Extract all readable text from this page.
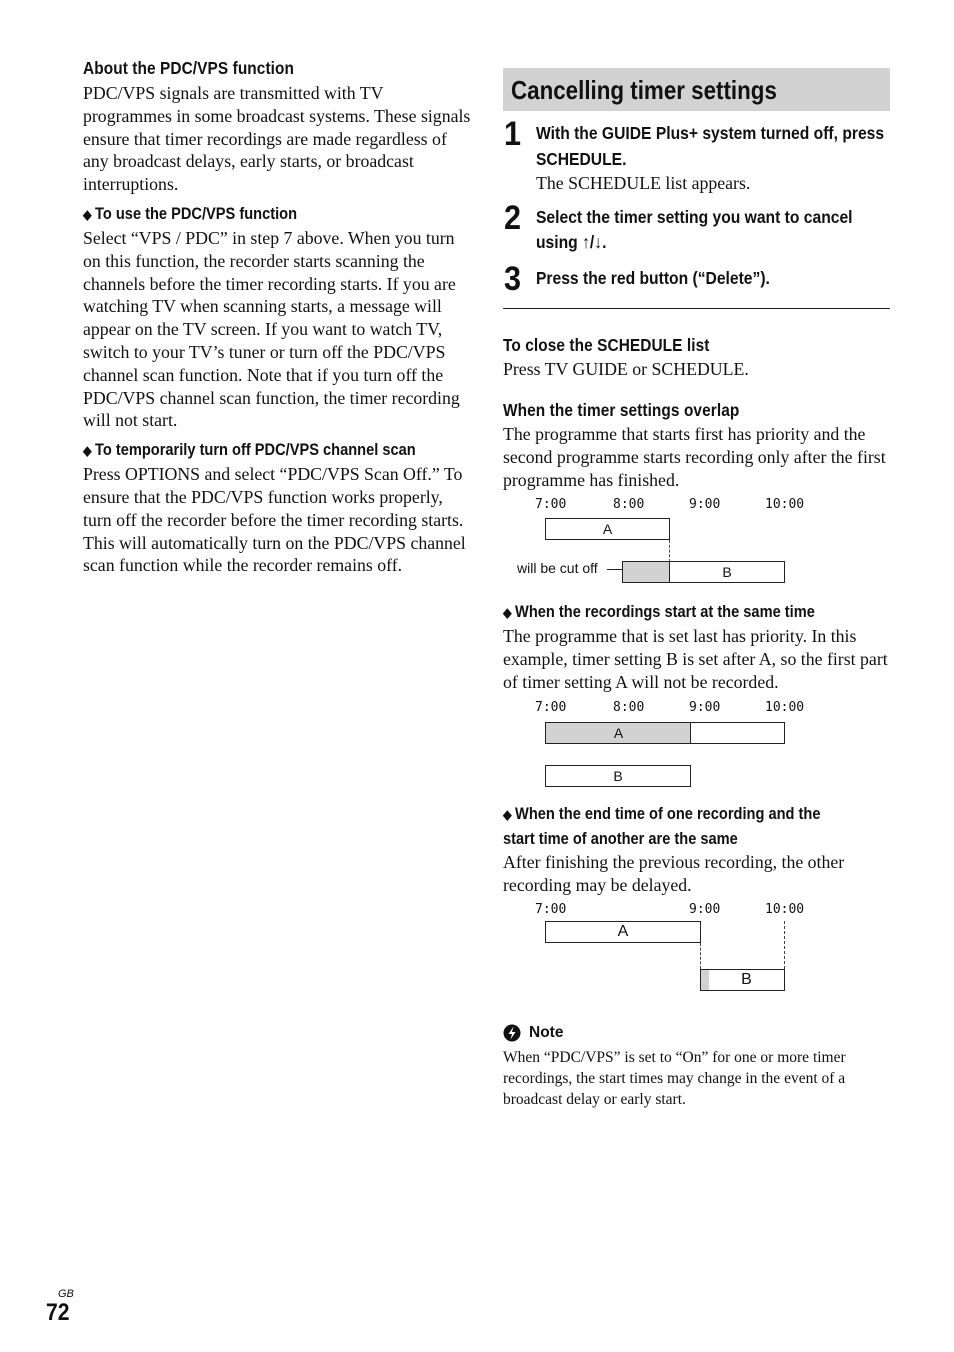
About the PDC/VPS function

PDC/VPS signals are transmitted with TV programmes in some broadcast systems. These signals ensure that timer recordings are made regardless of any broadcast delays, early starts, or broadcast interruptions.

◆ To use the PDC/VPS function

Select “VPS / PDC” in step 7 above. When you turn on this function, the recorder starts scanning the channels before the timer recording starts. If you are watching TV when scanning starts, a message will appear on the TV screen. If you want to watch TV, switch to your TV’s tuner or turn off the PDC/VPS channel scan function. Note that if you turn off the PDC/VPS channel scan function, the timer recording will not start.

◆ To temporarily turn off PDC/VPS channel scan

Press OPTIONS and select “PDC/VPS Scan Off.” To ensure that the PDC/VPS function works properly, turn off the recorder before the timer recording starts. This will automatically turn on the PDC/VPS channel scan function while the recorder remains off.

Cancelling timer settings
1 With the GUIDE Plus+ system turned off, press SCHEDULE.

The SCHEDULE list appears.

2 Select the timer setting you want to cancel using ↑/↓.
3 Press the red button (“Delete”).
To close the SCHEDULE list

Press TV GUIDE or SCHEDULE.

When the timer settings overlap

The programme that starts first has priority and the second programme starts recording only after the first programme has finished.

7:00	8:00	9:00	10:00
A
will be cut off	B
◆ When the recordings start at the same time

The programme that is set last has priority. In this example, timer setting B is set after A, so the first part of timer setting A will not be recorded.

7:00	8:00	9:00	10:00
A
B
◆ When the end time of one recording and the start time of another are the same

After finishing the previous recording, the other recording may be delayed.

7:00	9:00	10:00
A
B
Note

When “PDC/VPS” is set to “On” for one or more timer recordings, the start times may change in the event of a broadcast delay or early start.

GB
72
